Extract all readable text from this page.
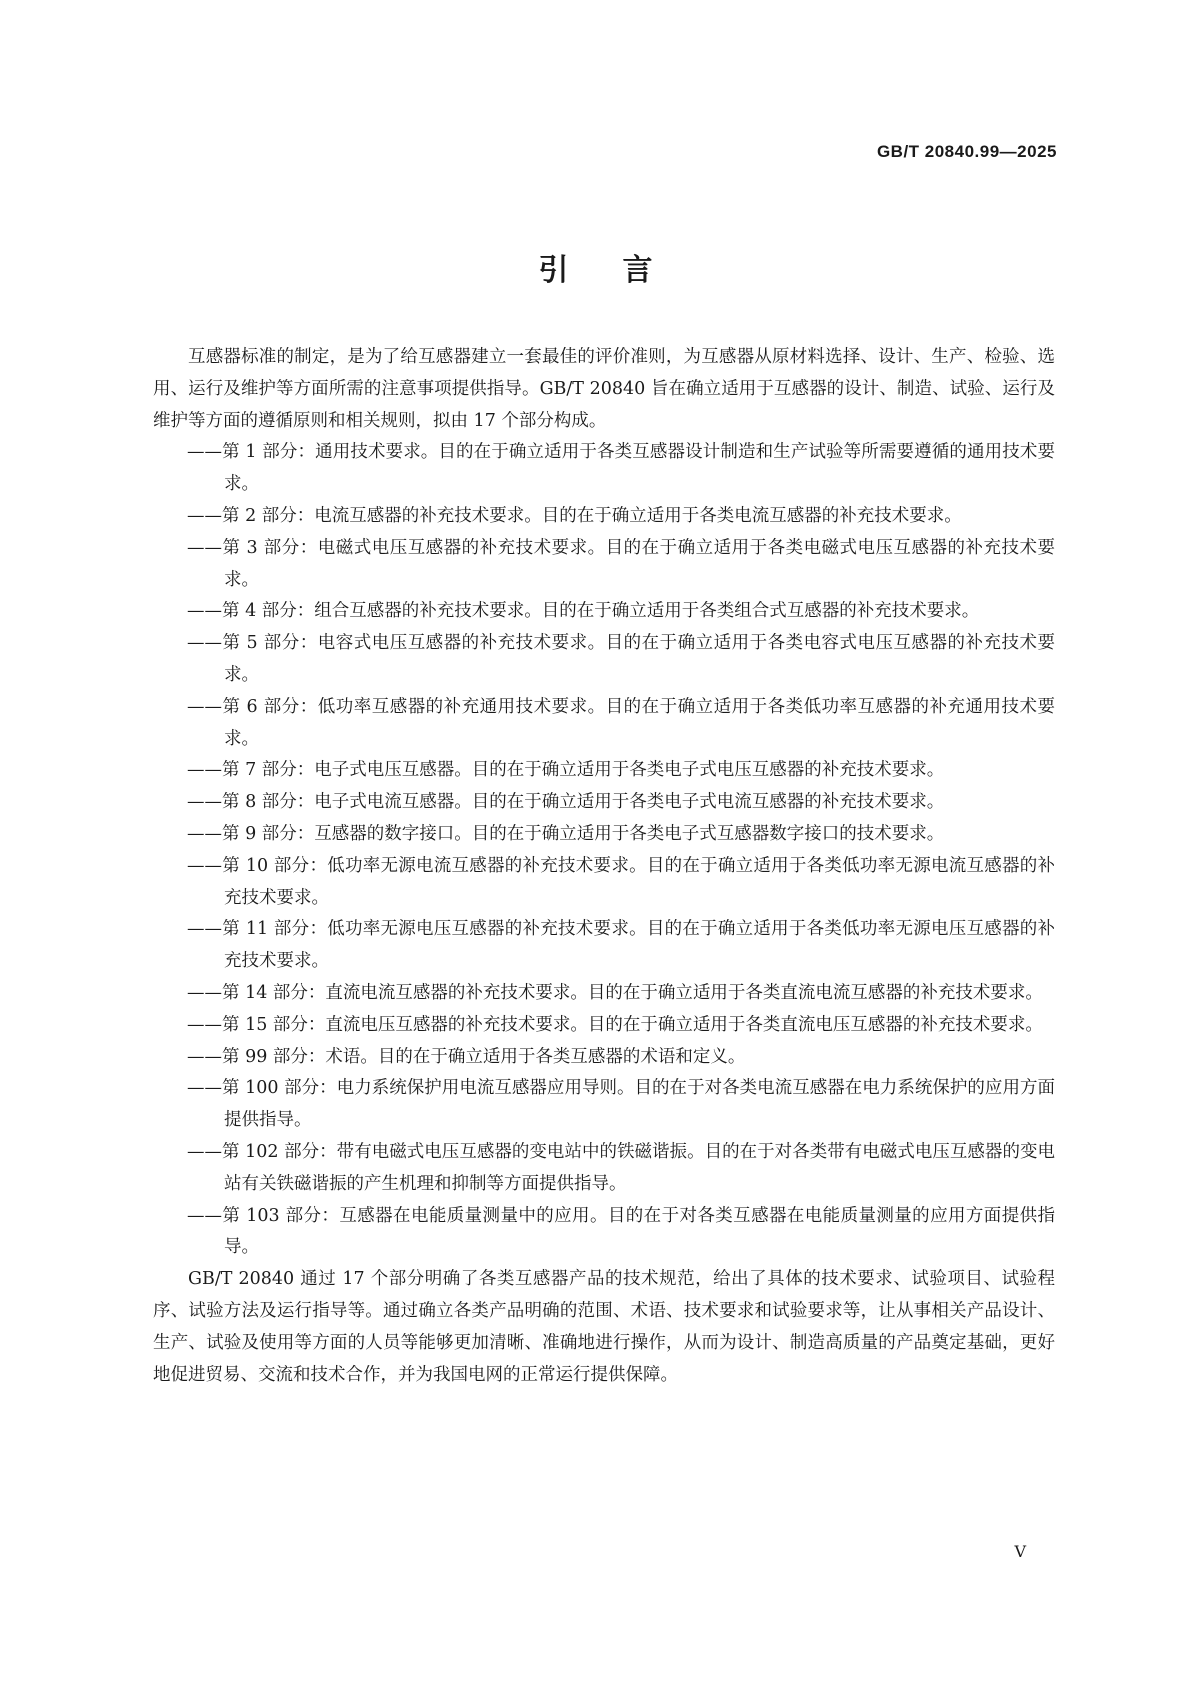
GB/T 20840.99—2025
引言

互感器标准的制定，是为了给互感器建立一套最佳的评价准则，为互感器从原材料选择、设计、生产、检验、选用、运行及维护等方面所需的注意事项提供指导。GB/T 20840 旨在确立适用于互感器的设计、制造、试验、运行及维护等方面的遵循原则和相关规则，拟由 17 个部分构成。

——第 1 部分：通用技术要求。目的在于确立适用于各类互感器设计制造和生产试验等所需要遵循的通用技术要求。
——第 2 部分：电流互感器的补充技术要求。目的在于确立适用于各类电流互感器的补充技术要求。
——第 3 部分：电磁式电压互感器的补充技术要求。目的在于确立适用于各类电磁式电压互感器的补充技术要求。
——第 4 部分：组合互感器的补充技术要求。目的在于确立适用于各类组合式互感器的补充技术要求。
——第 5 部分：电容式电压互感器的补充技术要求。目的在于确立适用于各类电容式电压互感器的补充技术要求。
——第 6 部分：低功率互感器的补充通用技术要求。目的在于确立适用于各类低功率互感器的补充通用技术要求。
——第 7 部分：电子式电压互感器。目的在于确立适用于各类电子式电压互感器的补充技术要求。
——第 8 部分：电子式电流互感器。目的在于确立适用于各类电子式电流互感器的补充技术要求。
——第 9 部分：互感器的数字接口。目的在于确立适用于各类电子式互感器数字接口的技术要求。
——第 10 部分：低功率无源电流互感器的补充技术要求。目的在于确立适用于各类低功率无源电流互感器的补充技术要求。
——第 11 部分：低功率无源电压互感器的补充技术要求。目的在于确立适用于各类低功率无源电压互感器的补充技术要求。
——第 14 部分：直流电流互感器的补充技术要求。目的在于确立适用于各类直流电流互感器的补充技术要求。
——第 15 部分：直流电压互感器的补充技术要求。目的在于确立适用于各类直流电压互感器的补充技术要求。
——第 99 部分：术语。目的在于确立适用于各类互感器的术语和定义。
——第 100 部分：电力系统保护用电流互感器应用导则。目的在于对各类电流互感器在电力系统保护的应用方面提供指导。
——第 102 部分：带有电磁式电压互感器的变电站中的铁磁谐振。目的在于对各类带有电磁式电压互感器的变电站有关铁磁谐振的产生机理和抑制等方面提供指导。
——第 103 部分：互感器在电能质量测量中的应用。目的在于对各类互感器在电能质量测量的应用方面提供指导。

GB/T 20840 通过 17 个部分明确了各类互感器产品的技术规范，给出了具体的技术要求、试验项目、试验程序、试验方法及运行指导等。通过确立各类产品明确的范围、术语、技术要求和试验要求等，让从事相关产品设计、生产、试验及使用等方面的人员等能够更加清晰、准确地进行操作，从而为设计、制造高质量的产品奠定基础，更好地促进贸易、交流和技术合作，并为我国电网的正常运行提供保障。

V
